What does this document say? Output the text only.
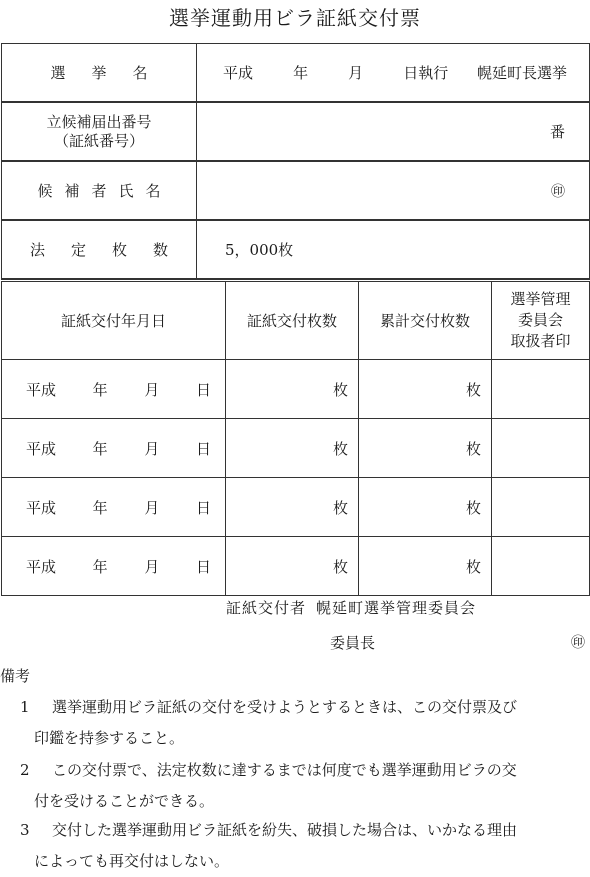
選挙運動用ビラ証紙交付票
選挙名	平成 年 月 日執行 幌延町長選挙

立候補届出番号
（証紙番号）	番
候補者氏名	㊞
法定枚数	5，000枚
証紙交付年月日	証紙交付枚数	累計交付枚数	選挙管理
委員会
取扱者印

平成 年 月 日	枚	枚	

平成 年 月 日	枚	枚	

平成 年 月 日	枚	枚	

平成 年 月 日	枚	枚	
証紙交付者 幌延町選挙管理委員会
委員長	㊞
備考
1	選挙運動用ビラ証紙の交付を受けようとするときは、この交付票及び
印鑑を持参すること。
2	この交付票で、法定枚数に達するまでは何度でも選挙運動用ビラの交
付を受けることができる。
3	交付した選挙運動用ビラ証紙を紛失、破損した場合は、いかなる理由
によっても再交付はしない。
